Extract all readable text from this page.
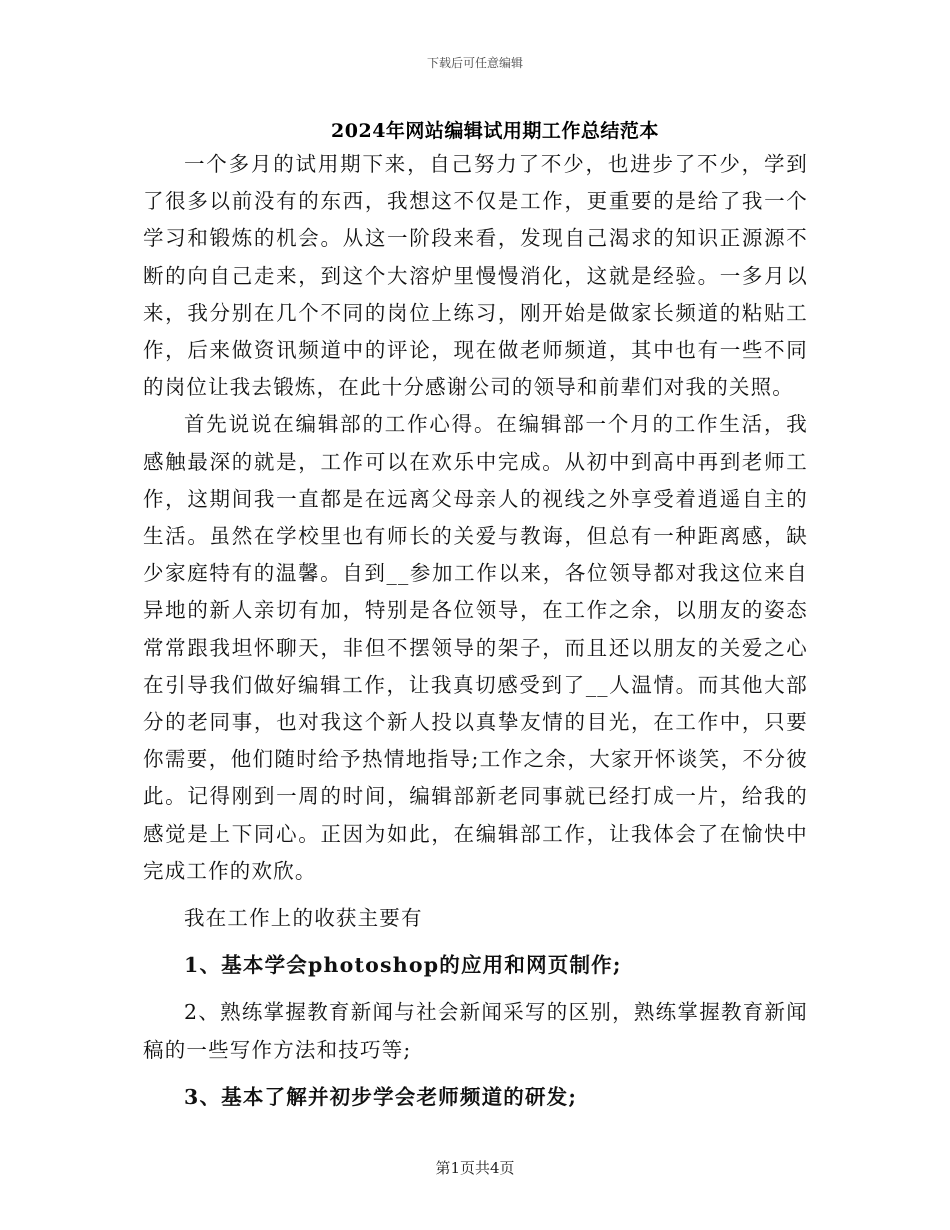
下载后可任意编辑
2024年网站编辑试用期工作总结范本

一个多月的试用期下来，自己努力了不少，也进步了不少，学到了很多以前没有的东西，我想这不仅是工作，更重要的是给了我一个学习和锻炼的机会。从这一阶段来看，发现自己渴求的知识正源源不断的向自己走来，到这个大溶炉里慢慢消化，这就是经验。一多月以来，我分别在几个不同的岗位上练习，刚开始是做家长频道的粘贴工作，后来做资讯频道中的评论，现在做老师频道，其中也有一些不同的岗位让我去锻炼，在此十分感谢公司的领导和前辈们对我的关照。

首先说说在编辑部的工作心得。在编辑部一个月的工作生活，我感触最深的就是，工作可以在欢乐中完成。从初中到高中再到老师工作，这期间我一直都是在远离父母亲人的视线之外享受着逍遥自主的生活。虽然在学校里也有师长的关爱与教诲，但总有一种距离感，缺少家庭特有的温馨。自到__参加工作以来，各位领导都对我这位来自异地的新人亲切有加，特别是各位领导，在工作之余，以朋友的姿态常常跟我坦怀聊天，非但不摆领导的架子，而且还以朋友的关爱之心在引导我们做好编辑工作，让我真切感受到了__人温情。而其他大部分的老同事，也对我这个新人投以真挚友情的目光，在工作中，只要你需要，他们随时给予热情地指导;工作之余，大家开怀谈笑，不分彼此。记得刚到一周的时间，编辑部新老同事就已经打成一片，给我的感觉是上下同心。正因为如此，在编辑部工作，让我体会了在愉快中完成工作的欢欣。

我在工作上的收获主要有

1、基本学会photoshop的应用和网页制作;

2、熟练掌握教育新闻与社会新闻采写的区别，熟练掌握教育新闻稿的一些写作方法和技巧等;

3、基本了解并初步学会老师频道的研发;

第1页共4页
